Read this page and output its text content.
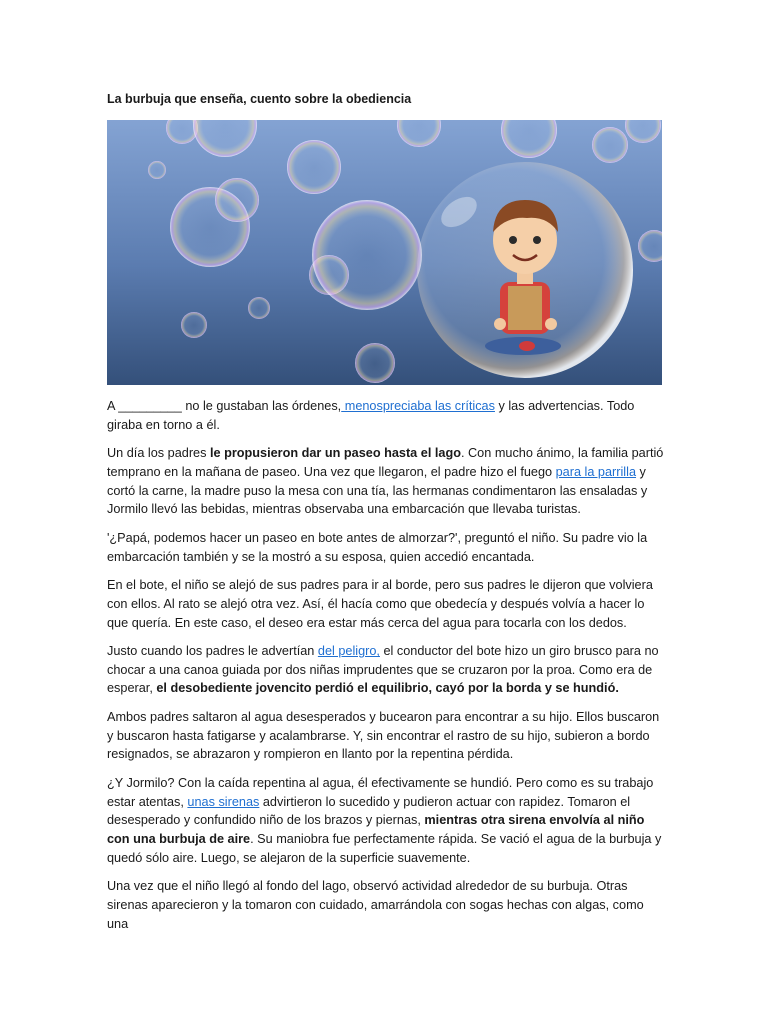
La burbuja que enseña, cuento sobre la obediencia

A _________ no le gustaban las órdenes, menospreciaba las críticas y las advertencias. Todo giraba en torno a él.

Un día los padres le propusieron dar un paseo hasta el lago. Con mucho ánimo, la familia partió temprano en la mañana de paseo. Una vez que llegaron, el padre hizo el fuego para la parrilla y cortó la carne, la madre puso la mesa con una tía, las hermanas condimentaron las ensaladas y Jormilo llevó las bebidas, mientras observaba una embarcación que llevaba turistas.

'¿Papá, podemos hacer un paseo en bote antes de almorzar?', preguntó el niño. Su padre vio la embarcación también y se la mostró a su esposa, quien accedió encantada.

En el bote, el niño se alejó de sus padres para ir al borde, pero sus padres le dijeron que volviera con ellos. Al rato se alejó otra vez. Así, él hacía como que obedecía y después volvía a hacer lo que quería. En este caso, el deseo era estar más cerca del agua para tocarla con los dedos.

Justo cuando los padres le advertían del peligro, el conductor del bote hizo un giro brusco para no chocar a una canoa guiada por dos niñas imprudentes que se cruzaron por la proa. Como era de esperar, el desobediente jovencito perdió el equilibrio, cayó por la borda y se hundió.

Ambos padres saltaron al agua desesperados y bucearon para encontrar a su hijo. Ellos buscaron y buscaron hasta fatigarse y acalambrarse. Y, sin encontrar el rastro de su hijo, subieron a bordo resignados, se abrazaron y rompieron en llanto por la repentina pérdida.

¿Y Jormilo? Con la caída repentina al agua, él efectivamente se hundió. Pero como es su trabajo estar atentas, unas sirenas advirtieron lo sucedido y pudieron actuar con rapidez. Tomaron el desesperado y confundido niño de los brazos y piernas, mientras otra sirena envolvía al niño con una burbuja de aire. Su maniobra fue perfectamente rápida. Se vació el agua de la burbuja y quedó sólo aire. Luego, se alejaron de la superficie suavemente.

Una vez que el niño llegó al fondo del lago, observó actividad alrededor de su burbuja. Otras sirenas aparecieron y la tomaron con cuidado, amarrándola con sogas hechas con algas, como una
